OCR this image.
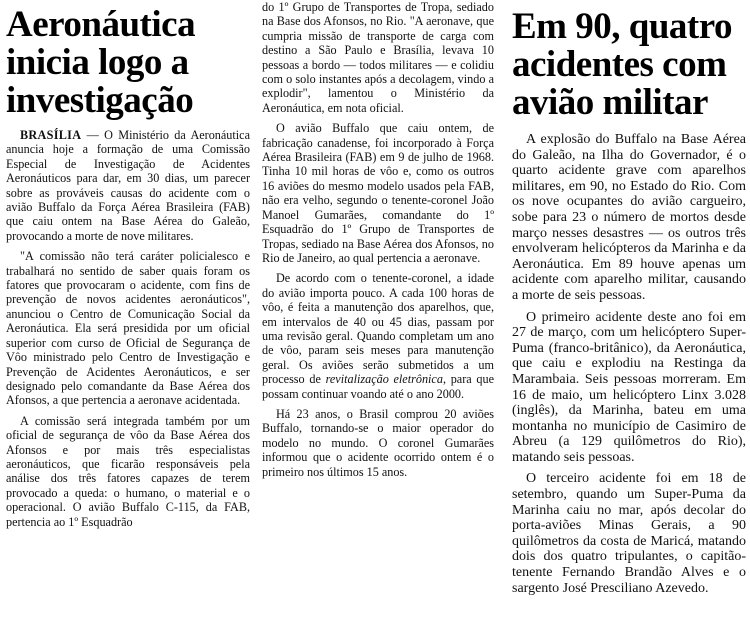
Aeronáutica
inicia logo a
investigação

BRASÍLIA — O Ministério da Aeronáutica anuncia hoje a formação de uma Comissão Especial de Investigação de Acidentes Aeronáuticos para dar, em 30 dias, um parecer sobre as prováveis causas do acidente com o avião Buffalo da Força Aérea Brasileira (FAB) que caiu ontem na Base Aérea do Galeão, provocando a morte de nove militares.

"A comissão não terá caráter policialesco e trabalhará no sentido de saber quais foram os fatores que provocaram o acidente, com fins de prevenção de novos acidentes aeronáuticos", anunciou o Centro de Comunicação Social da Aeronáutica. Ela será presidida por um oficial superior com curso de Oficial de Segurança de Vôo ministrado pelo Centro de Investigação e Prevenção de Acidentes Aeronáuticos, e ser designado pelo comandante da Base Aérea dos Afonsos, a que pertencia a aeronave acidentada.

A comissão será integrada também por um oficial de segurança de vôo da Base Aérea dos Afonsos e por mais três especialistas aeronáuticos, que ficarão responsáveis pela análise dos três fatores capazes de terem provocado a queda: o humano, o material e o operacional. O avião Buffalo C-115, da FAB, pertencia ao 1º Esquadrão

do 1º Grupo de Transportes de Tropa, sediado na Base dos Afonsos, no Rio. "A aeronave, que cumpria missão de transporte de carga com destino a São Paulo e Brasília, levava 10 pessoas a bordo — todos militares — e colidiu com o solo instantes após a decolagem, vindo a explodir", lamentou o Ministério da Aeronáutica, em nota oficial.

O avião Buffalo que caiu ontem, de fabricação canadense, foi incorporado à Força Aérea Brasileira (FAB) em 9 de julho de 1968. Tinha 10 mil horas de vôo e, como os outros 16 aviões do mesmo modelo usados pela FAB, não era velho, segundo o tenente-coronel João Manoel Gumarães, comandante do 1º Esquadrão do 1º Grupo de Transportes de Tropas, sediado na Base Aérea dos Afonsos, no Rio de Janeiro, ao qual pertencia a aeronave.

De acordo com o tenente-coronel, a idade do avião importa pouco. A cada 100 horas de vôo, é feita a manutenção dos aparelhos, que, em intervalos de 40 ou 45 dias, passam por uma revisão geral. Quando completam um ano de vôo, param seis meses para manutenção geral. Os aviões serão submetidos a um processo de revitalização eletrônica, para que possam continuar voando até o ano 2000.

Há 23 anos, o Brasil comprou 20 aviões Buffalo, tornando-se o maior operador do modelo no mundo. O coronel Gumarães informou que o acidente ocorrido ontem é o primeiro nos últimos 15 anos.

Em 90, quatro
acidentes com
avião militar

A explosão do Buffalo na Base Aérea do Galeão, na Ilha do Governador, é o quarto acidente grave com aparelhos militares, em 90, no Estado do Rio. Com os nove ocupantes do avião cargueiro, sobe para 23 o número de mortos desde março nesses desastres — os outros três envolveram helicópteros da Marinha e da Aeronáutica. Em 89 houve apenas um acidente com aparelho militar, causando a morte de seis pessoas.

O primeiro acidente deste ano foi em 27 de março, com um helicóptero Super-Puma (franco-britânico), da Aeronáutica, que caiu e explodiu na Restinga da Marambaia. Seis pessoas morreram. Em 16 de maio, um helicóptero Linx 3.028 (inglês), da Marinha, bateu em uma montanha no município de Casimiro de Abreu (a 129 quilômetros do Rio), matando seis pessoas.

O terceiro acidente foi em 18 de setembro, quando um Super-Puma da Marinha caiu no mar, após decolar do porta-aviões Minas Gerais, a 90 quilômetros da costa de Maricá, matando dois dos quatro tripulantes, o capitão-tenente Fernando Brandão Alves e o sargento José Presciliano Azevedo.
